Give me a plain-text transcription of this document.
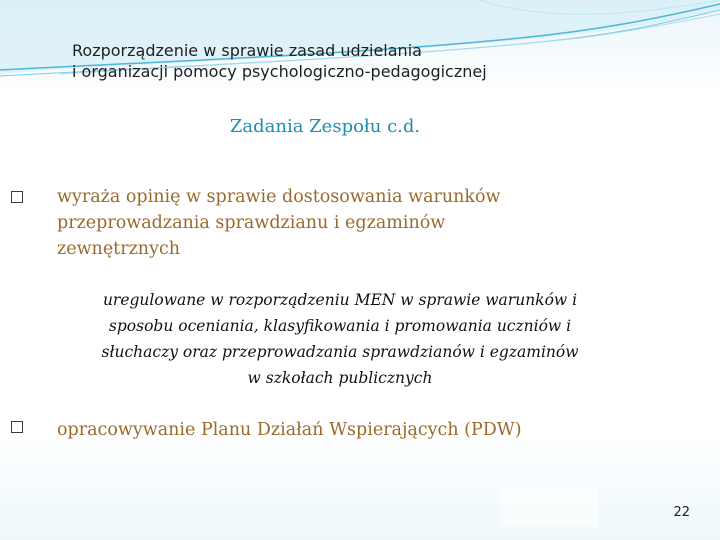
Rozporządzenie w sprawie zasad udzielania
i organizacji pomocy psychologiczno-pedagogicznej
Zadania Zespołu c.d.
wyraża opinię w sprawie dostosowania warunków
przeprowadzania sprawdzianu i egzaminów
zewnętrznych
uregulowane w rozporządzeniu MEN w sprawie warunków i
sposobu oceniania, klasyfikowania i promowania uczniów i
słuchaczy oraz przeprowadzania sprawdzianów i egzaminów
w szkołach publicznych
opracowywanie Planu Działań Wspierających (PDW)
22
